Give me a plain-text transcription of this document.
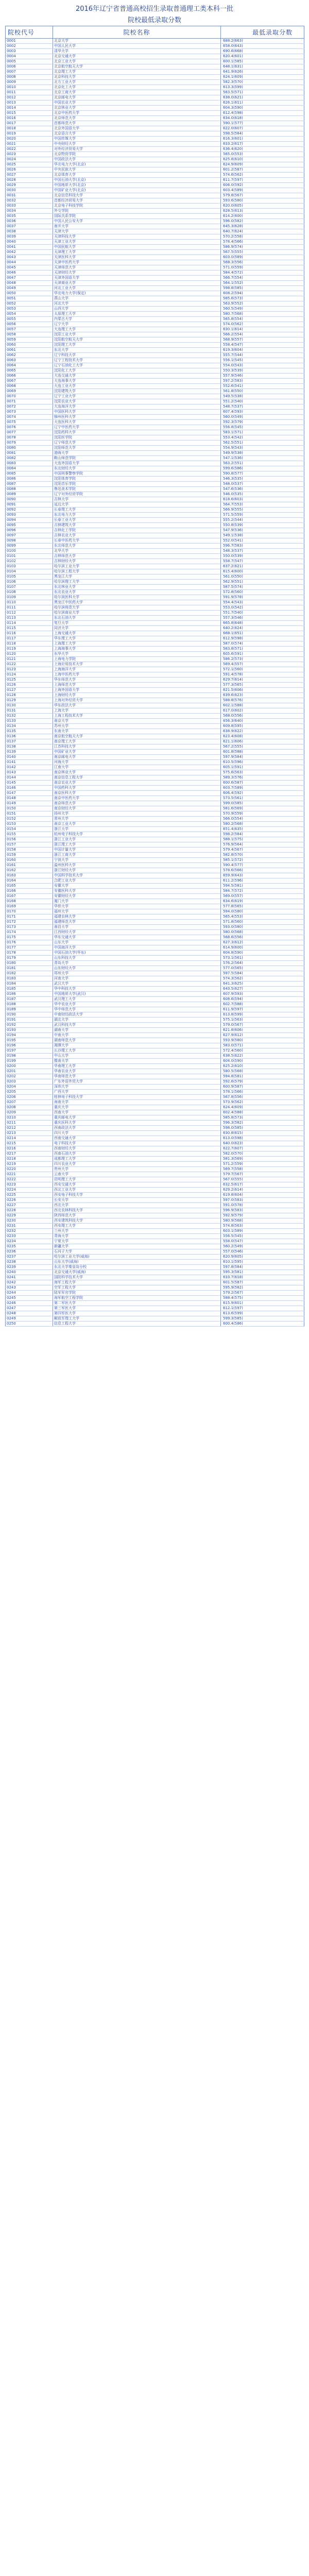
2016年辽宁省普通高校招生录取普通理工类本科一批
院校最低录取分数
院校代号	院校名称	最低录取分数
0001	北京大学	688.2(663)
0002	中国人民大学	658.0(643)
0003	清华大学	690.6(668)
0004	北京交通大学	620.4(601)
0005	北京工业大学	600.1(585)
0006	北京航空航天大学	648.1(631)
0007	北京理工大学	641.9(626)
0008	北京科技大学	624.1(609)
0009	北方工业大学	582.3(570)
0010	北京化工大学	613.3(599)
0011	北京工商大学	583.5(571)
0012	北京邮电大学	638.0(621)
0013	中国农业大学	626.1(611)
0014	北京林业大学	604.3(590)
0015	北京中医药大学	612.4(598)
0016	北京师范大学	634.0(618)
0017	首都师范大学	590.1(577)
0018	北京外国语大学	622.0(607)
0019	北京语言大学	598.5(584)
0020	中国传媒大学	616.3(601)
0021	中央财经大学	633.2(617)
0022	对外经济贸易大学	636.4(620)
0023	北京物资学院	565.0(553)
0024	中国政法大学	625.8(610)
0025	华北电力大学(北京)	624.9(609)
0026	中央民族大学	601.2(587)
0027	北京体育大学	574.6(562)
0028	中国石油大学(北京)	611.7(597)
0029	中国地质大学(北京)	606.0(592)
0030	中国矿业大学(北京)	603.4(589)
0031	北京信息科技大学	579.8(567)
0032	首都经济贸易大学	593.6(580)
0033	北京电子科技学院	620.0(605)
0034	外交学院	628.5(613)
0035	国际关系学院	614.2(600)
0036	中国人民公安大学	596.0(582)
0037	南开大学	645.3(628)
0038	天津大学	640.7(624)
0039	天津科技大学	570.2(558)
0040	天津工业大学	578.4(566)
0041	中国民航大学	586.9(574)
0042	天津理工大学	567.5(555)
0043	天津医科大学	603.0(589)
0044	天津中医药大学	568.3(556)
0045	天津师范大学	571.0(559)
0046	天津财经大学	584.4(572)
0047	天津外国语大学	566.7(554)
0048	天津商业大学	564.1(552)
0049	河北工业大学	598.8(585)
0050	华北电力大学(保定)	608.2(594)
0051	燕山大学	585.6(573)
0052	河北大学	563.9(552)
0053	山西大学	560.5(549)
0054	太原理工大学	580.7(568)
0055	内蒙古大学	565.8(554)
0056	辽宁大学	574.0(562)
0057	大连理工大学	630.1(614)
0058	沈阳工业大学	566.2(554)
0059	沈阳航空航天大学	568.9(557)
0060	沈阳理工大学	558.4(547)
0061	东北大学	619.3(604)
0062	辽宁科技大学	555.7(544)
0063	辽宁工程技术大学	556.1(545)
0064	辽宁石油化工大学	554.0(543)
0065	沈阳化工大学	550.3(539)
0066	大连交通大学	557.9(546)
0067	大连海事大学	597.2(583)
0068	大连工业大学	552.6(541)
0069	沈阳建筑大学	561.8(550)
0070	辽宁工业大学	549.5(538)
0071	沈阳农业大学	551.2(540)
0072	大连海洋大学	548.7(537)
0073	中国医科大学	607.4(593)
0074	锦州医科大学	560.0(549)
0075	大连医科大学	592.3(579)
0076	辽宁中医药大学	556.8(545)
0077	沈阳药科大学	583.1(571)
0078	沈阳医学院	553.4(542)
0079	辽宁师范大学	562.5(551)
0080	沈阳师范大学	554.9(543)
0081	渤海大学	549.9(538)
0082	鞍山师范学院	547.1(536)
0083	大连外国语大学	563.2(551)
0084	东北财经大学	599.6(586)
0085	中国刑事警察学院	590.8(577)
0086	沈阳体育学院	546.3(535)
0087	沈阳音乐学院	548.0(537)
0088	鲁迅美术学院	547.6(536)
0089	辽宁对外经贸学院	546.0(535)
0090	吉林大学	618.6(603)
0091	延边大学	564.7(553)
0092	长春理工大学	566.9(555)
0093	东北电力大学	571.5(559)
0094	长春工业大学	555.2(544)
0095	吉林建筑大学	550.8(539)
0096	吉林化工学院	547.9(536)
0097	吉林农业大学	549.1(538)
0098	长春中医药大学	552.0(541)
0099	东北师范大学	596.7(583)
0100	北华大学	548.3(537)
0101	吉林师范大学	550.0(539)
0102	吉林财经大学	558.7(547)
0103	哈尔滨工业大学	637.2(621)
0104	哈尔滨工程大学	615.4(600)
0105	黑龙江大学	561.0(550)
0106	哈尔滨理工大学	562.9(551)
0107	东北林业大学	587.5(574)
0108	东北农业大学	572.8(560)
0109	哈尔滨医科大学	591.9(578)
0110	黑龙江中医药大学	554.4(543)
0111	哈尔滨师范大学	553.0(542)
0112	哈尔滨商业大学	551.7(540)
0113	东北石油大学	557.3(546)
0114	复旦大学	665.8(648)
0115	同济大学	640.2(624)
0116	上海交通大学	668.1(651)
0117	华东理工大学	612.9(598)
0118	上海理工大学	587.0(574)
0119	上海海事大学	583.8(571)
0120	东华大学	605.6(591)
0121	上海电力学院	586.2(573)
0122	上海应用技术大学	569.4(557)
0123	上海海洋大学	572.1(560)
0124	上海中医药大学	591.4(578)
0125	华东师范大学	629.7(614)
0126	上海师范大学	577.3(565)
0127	上海外国语大学	621.5(606)
0128	上海财经大学	639.6(623)
0129	上海对外经贸大学	588.8(576)
0130	华东政法大学	602.1(588)
0131	上海大学	617.0(602)
0132	上海工程技术大学	568.0(556)
0133	南京大学	656.3(640)
0134	苏州大学	609.8(595)
0135	东南大学	638.9(622)
0136	南京航空航天大学	623.4(608)
0137	南京理工大学	621.1(606)
0138	江苏科技大学	567.2(555)
0139	中国矿业大学	601.8(588)
0140	南京邮电大学	597.9(584)
0141	河海大学	610.5(596)
0142	江南大学	605.1(591)
0143	南京林业大学	575.6(563)
0144	南京信息工程大学	589.3(576)
0145	南京农业大学	600.6(587)
0146	中国药科大学	603.7(589)
0147	南京医科大学	606.4(592)
0148	南京中医药大学	573.5(561)
0149	南京师范大学	599.0(585)
0150	南京财经大学	581.6(569)
0151	扬州大学	570.9(559)
0152	常州大学	566.0(554)
0153	南京工业大学	580.2(568)
0154	浙江大学	651.4(635)
0155	杭州电子科技大学	598.2(584)
0156	浙江工业大学	588.1(575)
0157	浙江理工大学	576.9(564)
0158	中国计量大学	579.4(567)
0159	浙江工商大学	582.8(570)
0160	宁波大学	585.1(572)
0161	温州医科大学	590.4(577)
0162	浙江财经大学	578.6(566)
0163	中国科学技术大学	659.9(643)
0164	合肥工业大学	611.2(596)
0165	安徽大学	594.5(581)
0166	安徽医科大学	584.7(572)
0167	安徽财经大学	569.0(557)
0168	厦门大学	634.6(619)
0169	华侨大学	577.8(565)
0170	福州大学	594.0(580)
0171	福建农林大学	565.4(553)
0172	福建师范大学	571.8(560)
0173	南昌大学	593.0(580)
0174	江西财经大学	580.0(568)
0175	华东交通大学	568.6(556)
0176	山东大学	627.3(612)
0177	中国海洋大学	614.9(600)
0178	中国石油大学(华东)	604.8(590)
0179	山东科技大学	573.1(561)
0180	青岛大学	576.2(564)
0181	山东财经大学	577.0(565)
0182	郑州大学	597.5(584)
0183	河南大学	574.3(562)
0184	武汉大学	641.3(625)
0185	华中科技大学	643.5(627)
0186	中国地质大学(武汉)	607.9(593)
0187	武汉理工大学	608.6(594)
0188	华中农业大学	602.7(588)
0189	华中师范大学	611.9(597)
0190	中南财经政法大学	613.8(599)
0191	湖北大学	575.1(563)
0192	武汉科技大学	579.0(567)
0193	湖南大学	621.8(606)
0194	中南大学	627.9(612)
0195	湖南师范大学	593.9(580)
0196	湘潭大学	583.0(571)
0197	长沙理工大学	572.4(560)
0198	中山大学	638.5(622)
0199	暨南大学	604.0(590)
0200	华南理工大学	625.2(610)
0201	华南农业大学	580.5(568)
0202	华南师范大学	594.8(581)
0203	广东外语外贸大学	592.6(579)
0204	深圳大学	600.9(587)
0205	广西大学	578.1(566)
0206	桂林电子科技大学	567.8(556)
0207	海南大学	573.9(562)
0208	重庆大学	624.4(609)
0209	西南大学	602.4(588)
0210	重庆邮电大学	585.8(573)
0211	重庆医科大学	596.3(582)
0212	西南政法大学	598.0(585)
0213	四川大学	630.8(615)
0214	西南交通大学	613.0(598)
0215	电子科技大学	640.0(623)
0216	西南财经大学	622.7(607)
0217	西南石油大学	582.0(570)
0218	成都理工大学	581.3(569)
0219	四川农业大学	571.2(559)
0220	贵州大学	569.7(558)
0221	云南大学	579.7(567)
0222	昆明理工大学	567.0(555)
0223	西安交通大学	632.5(617)
0224	西北工业大学	629.2(614)
0225	西安电子科技大学	619.8(604)
0226	长安大学	597.0(583)
0227	西北大学	591.0(578)
0228	西北农林科技大学	596.9(583)
0229	陕西师范大学	592.9(579)
0230	西安建筑科技大学	580.9(568)
0231	西安理工大学	574.8(563)
0232	兰州大学	603.1(589)
0233	青海大学	556.5(545)
0234	宁夏大学	558.0(547)
0235	新疆大学	560.2(549)
0236	石河子大学	557.0(546)
0237	哈尔滨工业大学(威海)	620.9(605)
0238	山东大学(威海)	610.1(595)
0239	东北大学秦皇岛分校	597.8(584)
0240	北京交通大学(威海)	595.3(581)
0241	国防科学技术大学	633.7(618)
0242	海军工程大学	601.5(587)
0243	空军工程大学	595.9(582)
0244	陆军军官学院	579.2(567)
0245	海军航空工程学院	588.4(575)
0246	第二军医大学	615.9(601)
0247	第三军医大学	612.1(597)
0248	第四军医大学	613.6(599)
0249	解放军理工大学	599.3(585)
0250	信息工程大学	600.4(586)
